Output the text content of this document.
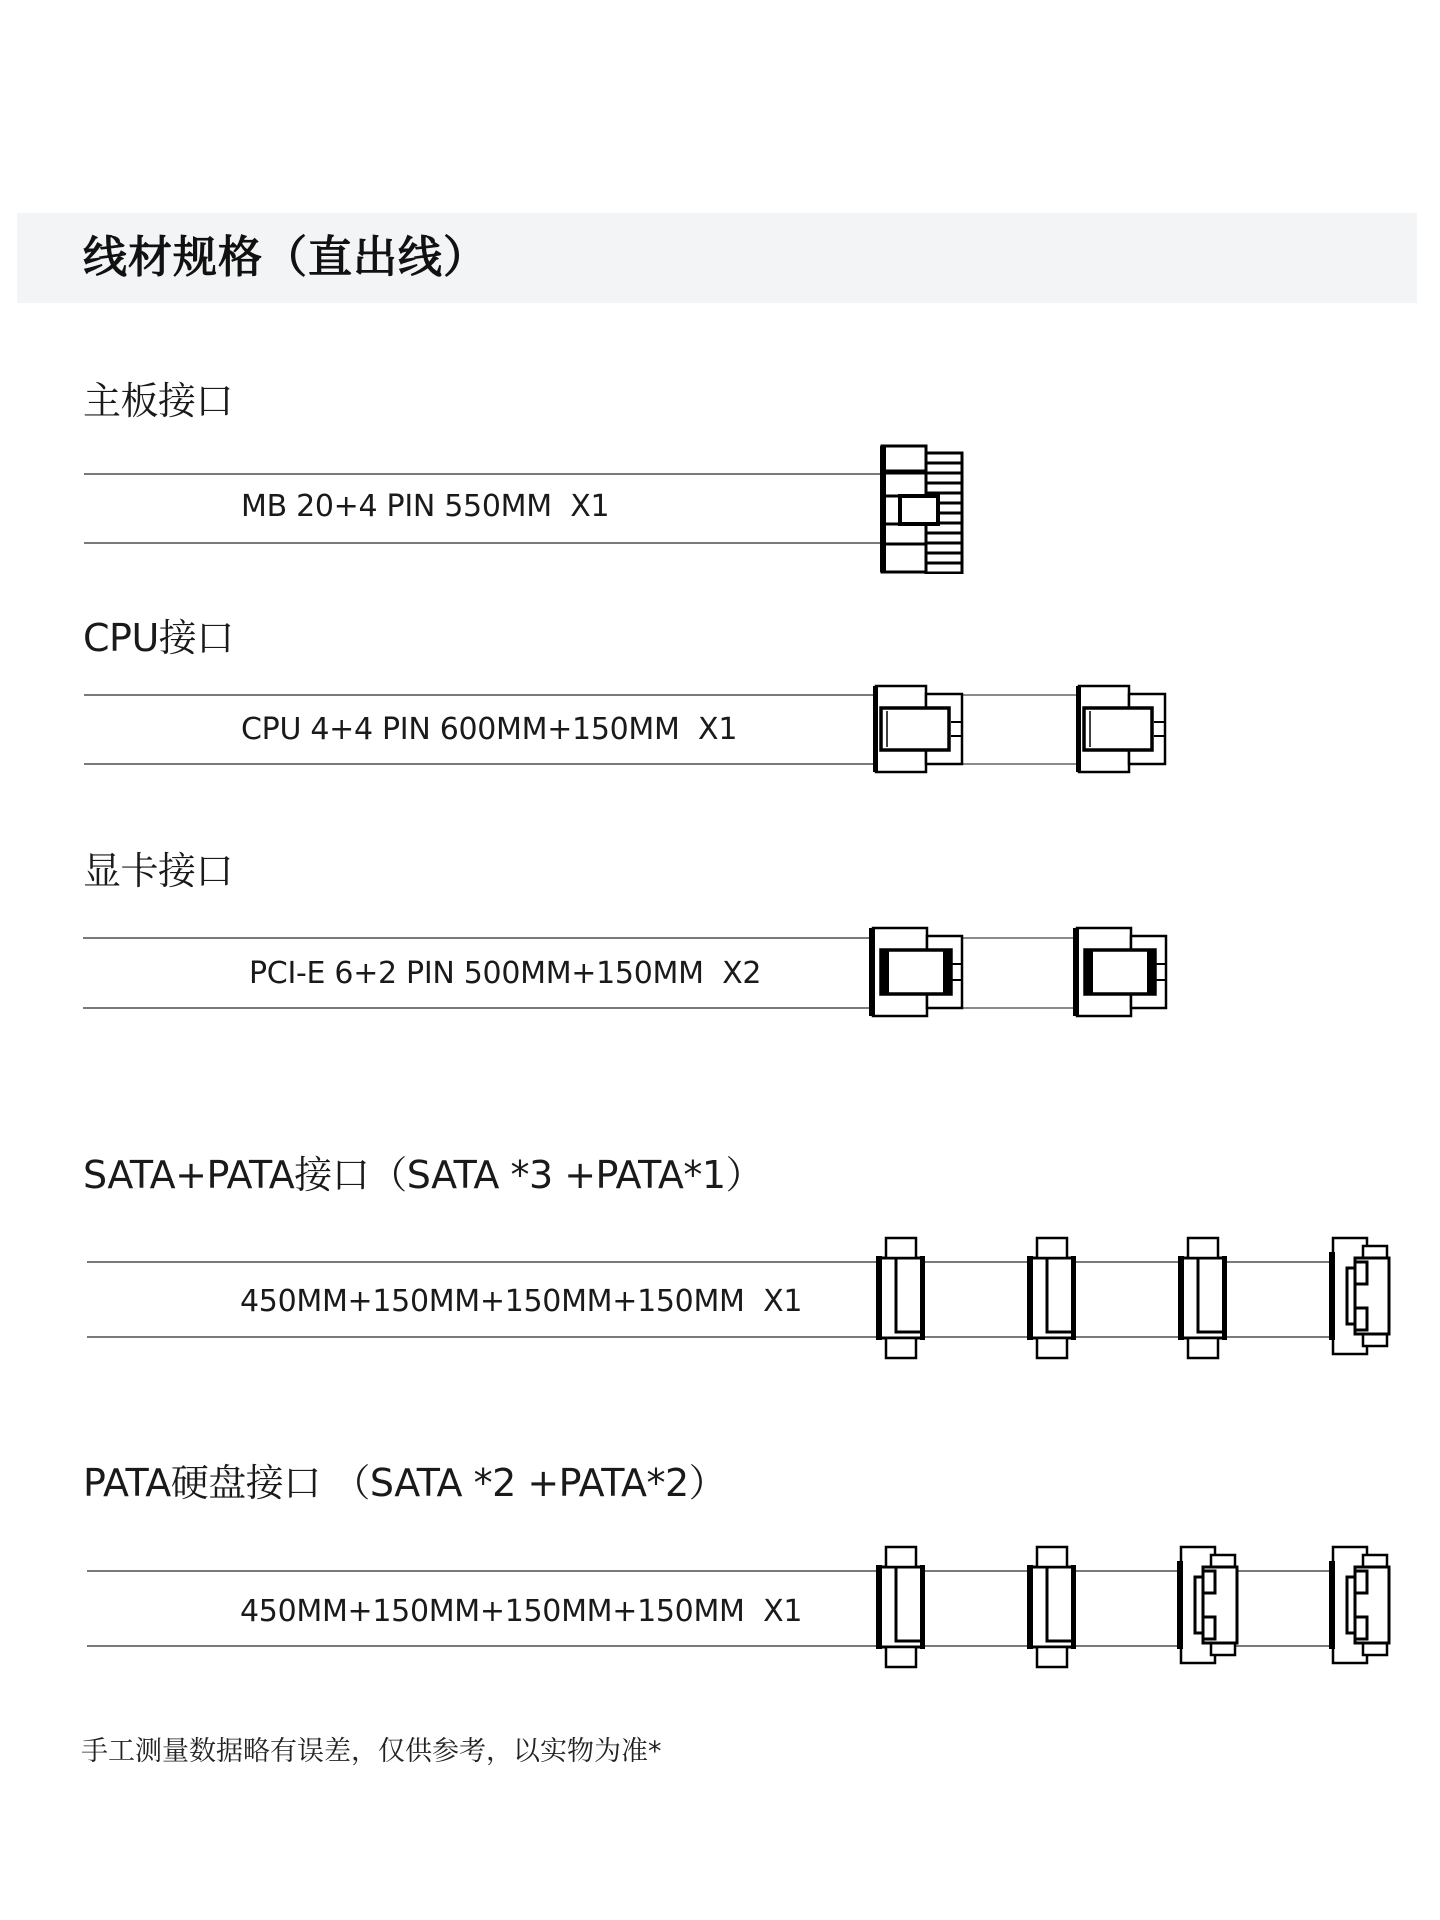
线材规格（直出线）
主板接口
MB 20+4 PIN 550MM  X1
CPU接口
CPU 4+4 PIN 600MM+150MM  X1
显卡接口
PCI-E 6+2 PIN 500MM+150MM  X2
SATA+PATA接口（SATA *3 +PATA*1）
450MM+150MM+150MM+150MM  X1
PATA硬盘接口 （SATA *2 +PATA*2）
450MM+150MM+150MM+150MM  X1
手工测量数据略有误差，仅供参考，以实物为准*
